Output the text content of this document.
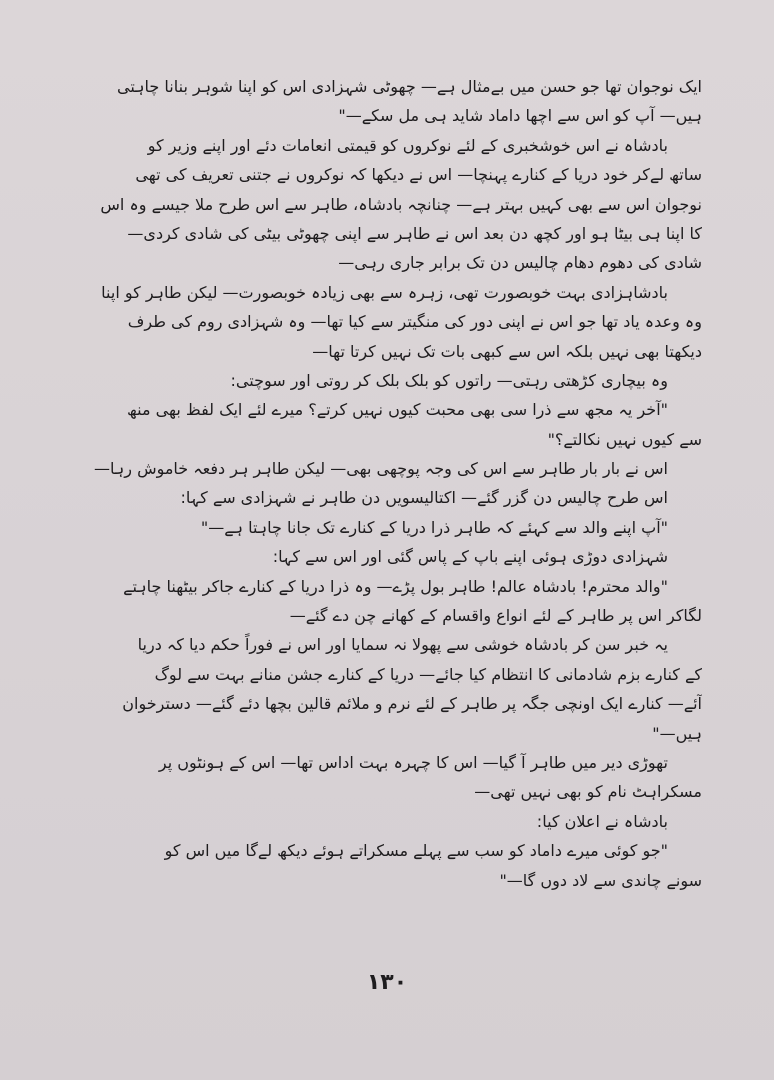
ایک نوجوان تھا جو حسن میں بےمثال ہے— چھوٹی شہزادی اس کو اپنا شوہر بنانا چاہتی
ہیں— آپ کو اس سے اچھا داماد شاید ہی مل سکے—"
بادشاہ نے اس خوشخبری کے لئے نوکروں کو قیمتی انعامات دئے اور اپنے وزیر کو
ساتھ لےکر خود دریا کے کنارے پہنچا— اس نے دیکھا کہ نوکروں نے جتنی تعریف کی تھی
نوجوان اس سے بھی کہیں بہتر ہے— چنانچہ بادشاہ، طاہر سے اس طرح ملا جیسے وہ اس
کا اپنا ہی بیٹا ہو اور کچھ دن بعد اس نے طاہر سے اپنی چھوٹی بیٹی کی شادی کردی—
شادی کی دھوم دھام چالیس دن تک برابر جاری رہی—
بادشاہزادی بہت خوبصورت تھی، زہرہ سے بھی زیادہ خوبصورت— لیکن طاہر کو اپنا
وہ وعدہ یاد تھا جو اس نے اپنی دور کی منگیتر سے کیا تھا— وہ شہزادی روم کی طرف
دیکھتا بھی نہیں بلکہ اس سے کبھی بات تک نہیں کرتا تھا—
وہ بیچاری کڑھتی رہتی— راتوں کو بلک بلک کر روتی اور سوچتی:
"آخر یہ مجھ سے ذرا سی بھی محبت کیوں نہیں کرتے؟ میرے لئے ایک لفظ بھی منھ
سے کیوں نہیں نکالتے؟"
اس نے بار بار طاہر سے اس کی وجہ پوچھی بھی— لیکن طاہر ہر دفعہ خاموش رہا—
اس طرح چالیس دن گزر گئے— اکتالیسویں دن طاہر نے شہزادی سے کہا:
"آپ اپنے والد سے کہئے کہ طاہر ذرا دریا کے کنارے تک جانا چاہتا ہے—"
شہزادی دوڑی ہوئی اپنے باپ کے پاس گئی اور اس سے کہا:
"والد محترم! بادشاہ عالم! طاہر بول پڑے— وہ ذرا دریا کے کنارے جاکر بیٹھنا چاہتے
لگاکر اس پر طاہر کے لئے انواع واقسام کے کھانے چن دے گئے—
یہ خبر سن کر بادشاہ خوشی سے پھولا نہ سمایا اور اس نے فوراً حکم دیا کہ دریا
کے کنارے بزم شادمانی کا انتظام کیا جائے— دریا کے کنارے جشن منانے بہت سے لوگ
آئے— کنارے ایک اونچی جگہ پر طاہر کے لئے نرم و ملائم قالین بچھا دئے گئے— دسترخوان
ہیں—"
تھوڑی دیر میں طاہر آ گیا— اس کا چہرہ بہت اداس تھا— اس کے ہونٹوں پر
مسکراہٹ نام کو بھی نہیں تھی—
بادشاہ نے اعلان کیا:
"جو کوئی میرے داماد کو سب سے پہلے مسکراتے ہوئے دیکھ لےگا میں اس کو
سونے چاندی سے لاد دوں گا—"
۱۳۰
